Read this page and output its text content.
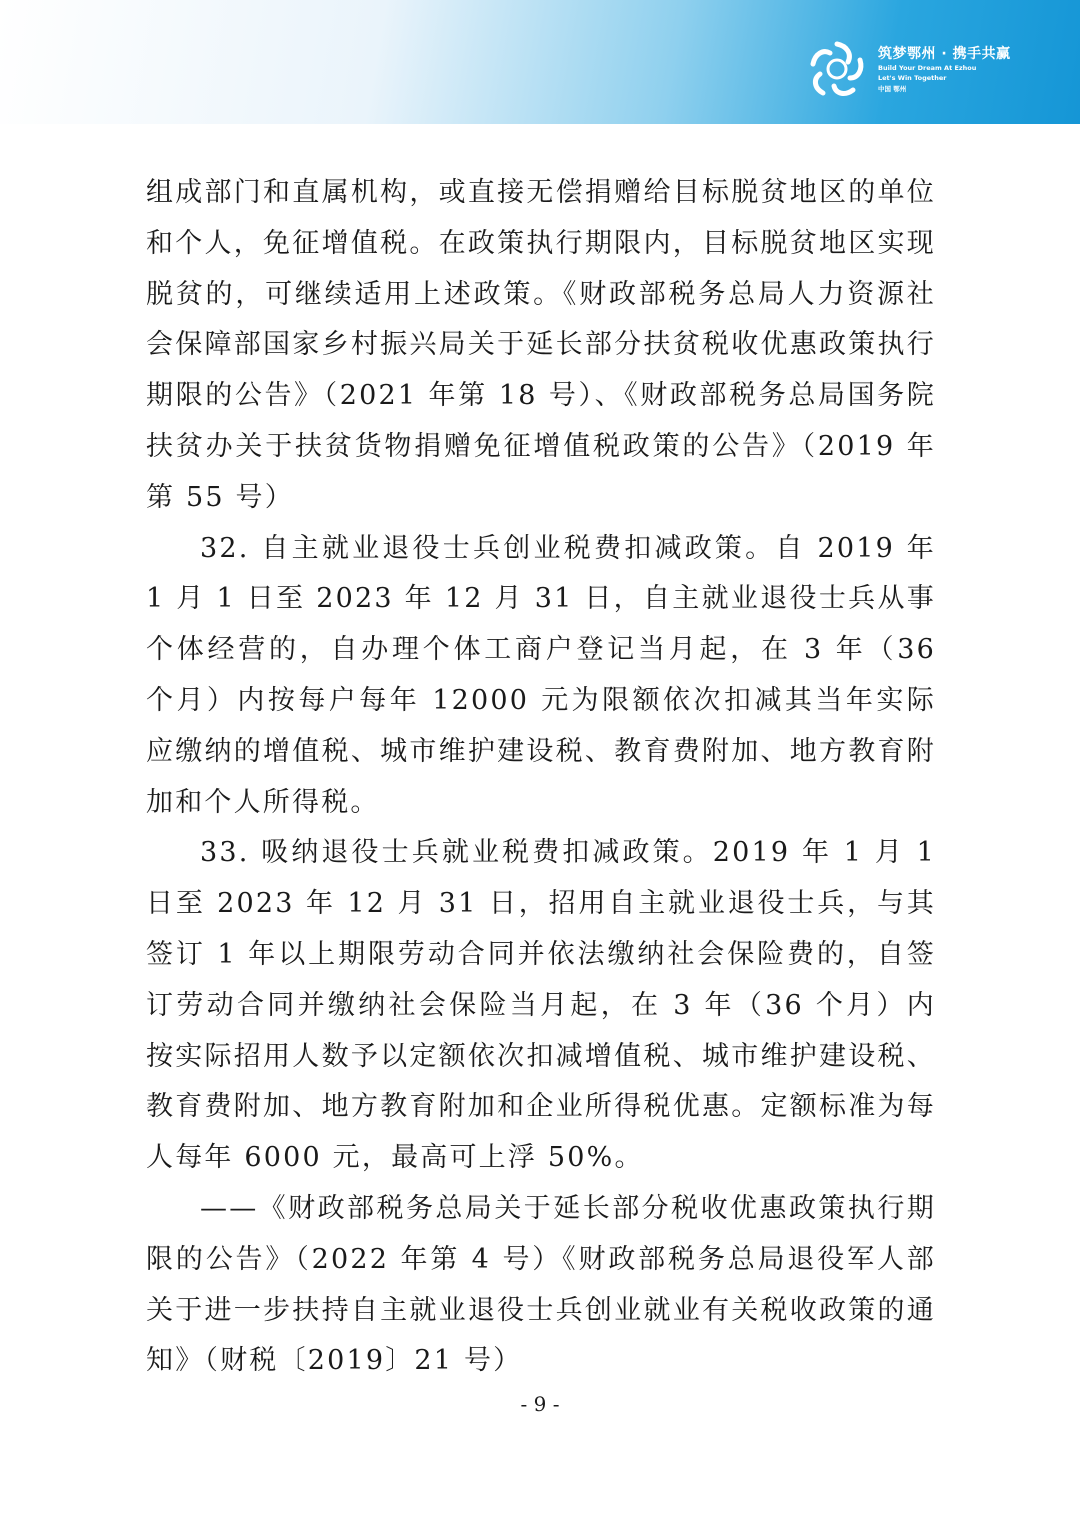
筑梦鄂州 · 携手共赢
Build Your Dream At Ezhou
Let's Win Together
中国 鄂州

组成部门和直属机构，或直接无偿捐赠给目标脱贫地区的单位和个人，免征增值税。在政策执行期限内，目标脱贫地区实现脱贫的，可继续适用上述政策。《财政部税务总局人力资源社会保障部国家乡村振兴局关于延长部分扶贫税收优惠政策执行期限的公告》（2021 年第 18 号）、《财政部税务总局国务院扶贫办关于扶贫货物捐赠免征增值税政策的公告》（2019 年第 55 号）

32. 自主就业退役士兵创业税费扣减政策。自 2019 年 1 月 1 日至 2023 年 12 月 31 日，自主就业退役士兵从事个体经营的，自办理个体工商户登记当月起，在 3 年（36 个月）内按每户每年 12000 元为限额依次扣减其当年实际应缴纳的增值税、城市维护建设税、教育费附加、地方教育附加和个人所得税。

33. 吸纳退役士兵就业税费扣减政策。2019 年 1 月 1 日至 2023 年 12 月 31 日，招用自主就业退役士兵，与其签订 1 年以上期限劳动合同并依法缴纳社会保险费的，自签订劳动合同并缴纳社会保险当月起，在 3 年（36 个月）内按实际招用人数予以定额依次扣减增值税、城市维护建设税、教育费附加、地方教育附加和企业所得税优惠。定额标准为每人每年 6000 元，最高可上浮 50%。

——《财政部税务总局关于延长部分税收优惠政策执行期限的公告》（2022 年第 4 号）《财政部税务总局退役军人部关于进一步扶持自主就业退役士兵创业就业有关税收政策的通知》（财税〔2019〕21 号）

- 9 -
